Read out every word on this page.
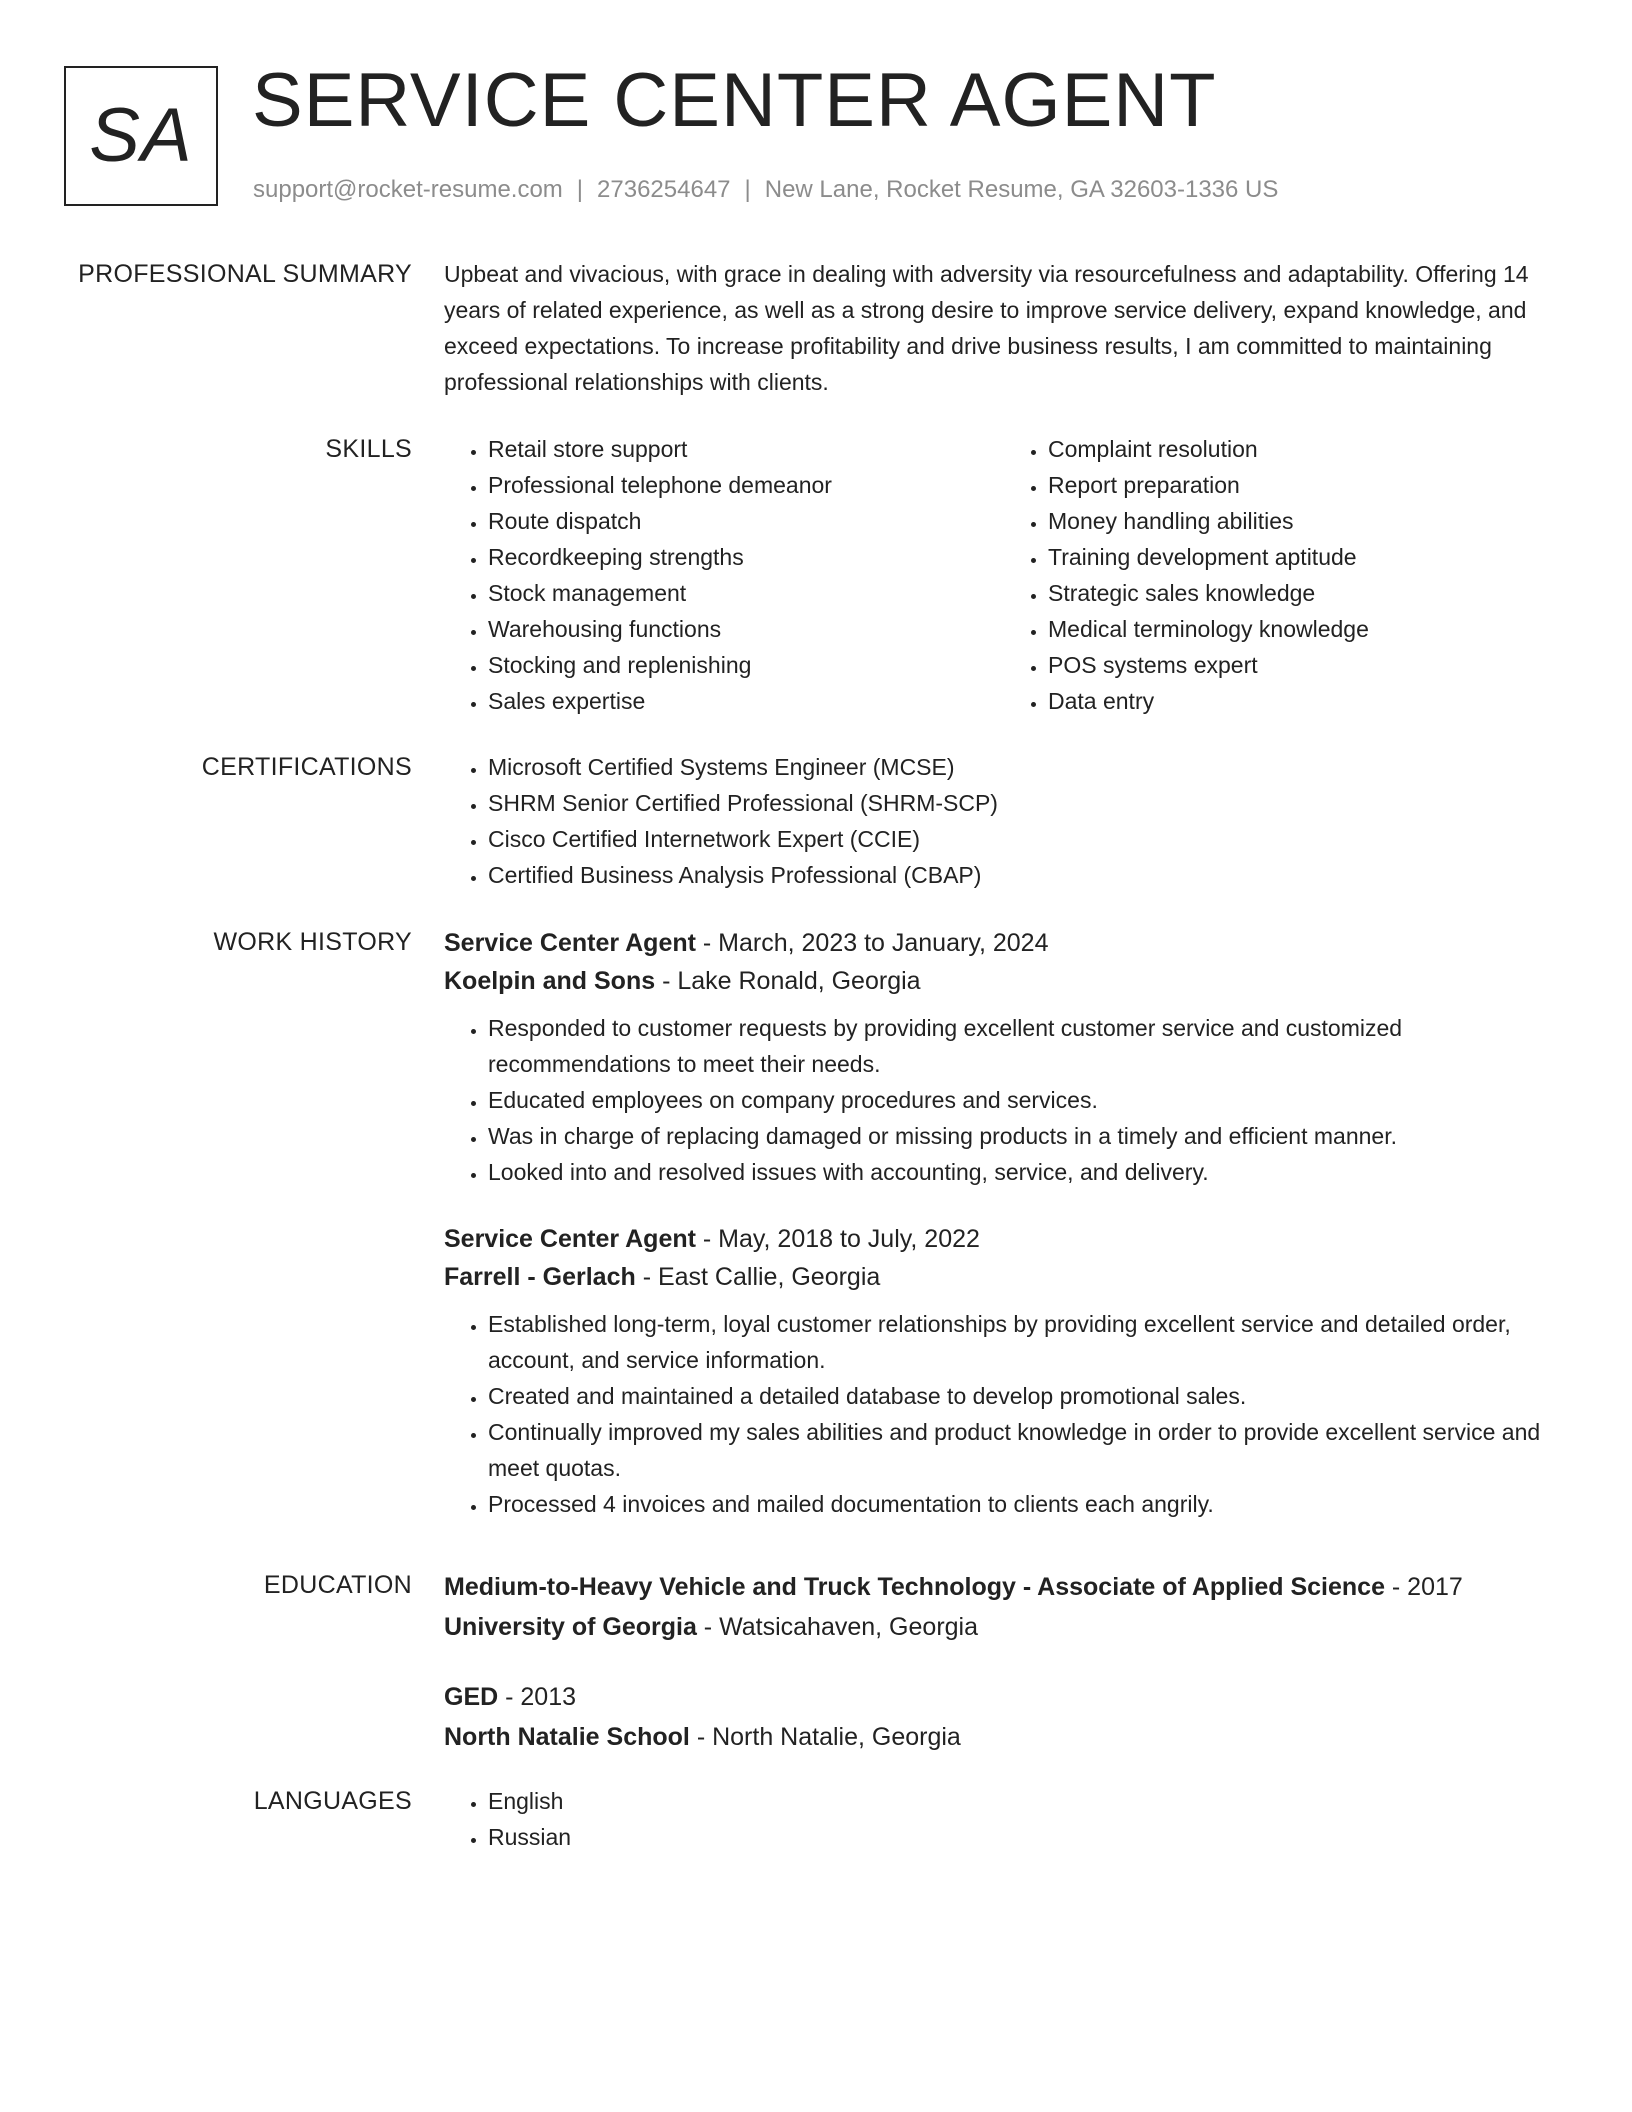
SA SERVICE CENTER AGENT
support@rocket-resume.com | 2736254647 | New Lane, Rocket Resume, GA 32603-1336 US
PROFESSIONAL SUMMARY Upbeat and vivacious, with grace in dealing with adversity via resourcefulness and adaptability. Offering 14 years of related experience, as well as a strong desire to improve service delivery, expand knowledge, and exceed expectations. To increase profitability and drive business results, I am committed to maintaining professional relationships with clients.

SKILLS	• Retail store support
• Professional telephone demeanor
• Route dispatch
• Recordkeeping strengths
• Stock management
• Warehousing functions
• Stocking and replenishing
• Sales expertise
• Complaint resolution
• Report preparation
• Money handling abilities
• Training development aptitude
• Strategic sales knowledge
• Medical terminology knowledge
• POS systems expert
• Data entry
CERTIFICATIONS	• Microsoft Certified Systems Engineer (MCSE)
• SHRM Senior Certified Professional (SHRM-SCP)
• Cisco Certified Internetwork Expert (CCIE)
• Certified Business Analysis Professional (CBAP)
WORK HISTORY Service Center Agent - March, 2023 to January, 2024
Koelpin and Sons - Lake Ronald, Georgia
• Responded to customer requests by providing excellent customer service and customized recommendations to meet their needs.
• Educated employees on company procedures and services.
• Was in charge of replacing damaged or missing products in a timely and efficient manner.
• Looked into and resolved issues with accounting, service, and delivery.
Service Center Agent - May, 2018 to July, 2022
Farrell - Gerlach - East Callie, Georgia
• Established long-term, loyal customer relationships by providing excellent service and detailed order, account, and service information.
• Created and maintained a detailed database to develop promotional sales.
• Continually improved my sales abilities and product knowledge in order to provide excellent service and meet quotas.
• Processed 4 invoices and mailed documentation to clients each angrily.
EDUCATION Medium-to-Heavy Vehicle and Truck Technology - Associate of Applied Science - 2017
University of Georgia - Watsicahaven, Georgia
GED - 2013
North Natalie School - North Natalie, Georgia
LANGUAGES	• English
• Russian
